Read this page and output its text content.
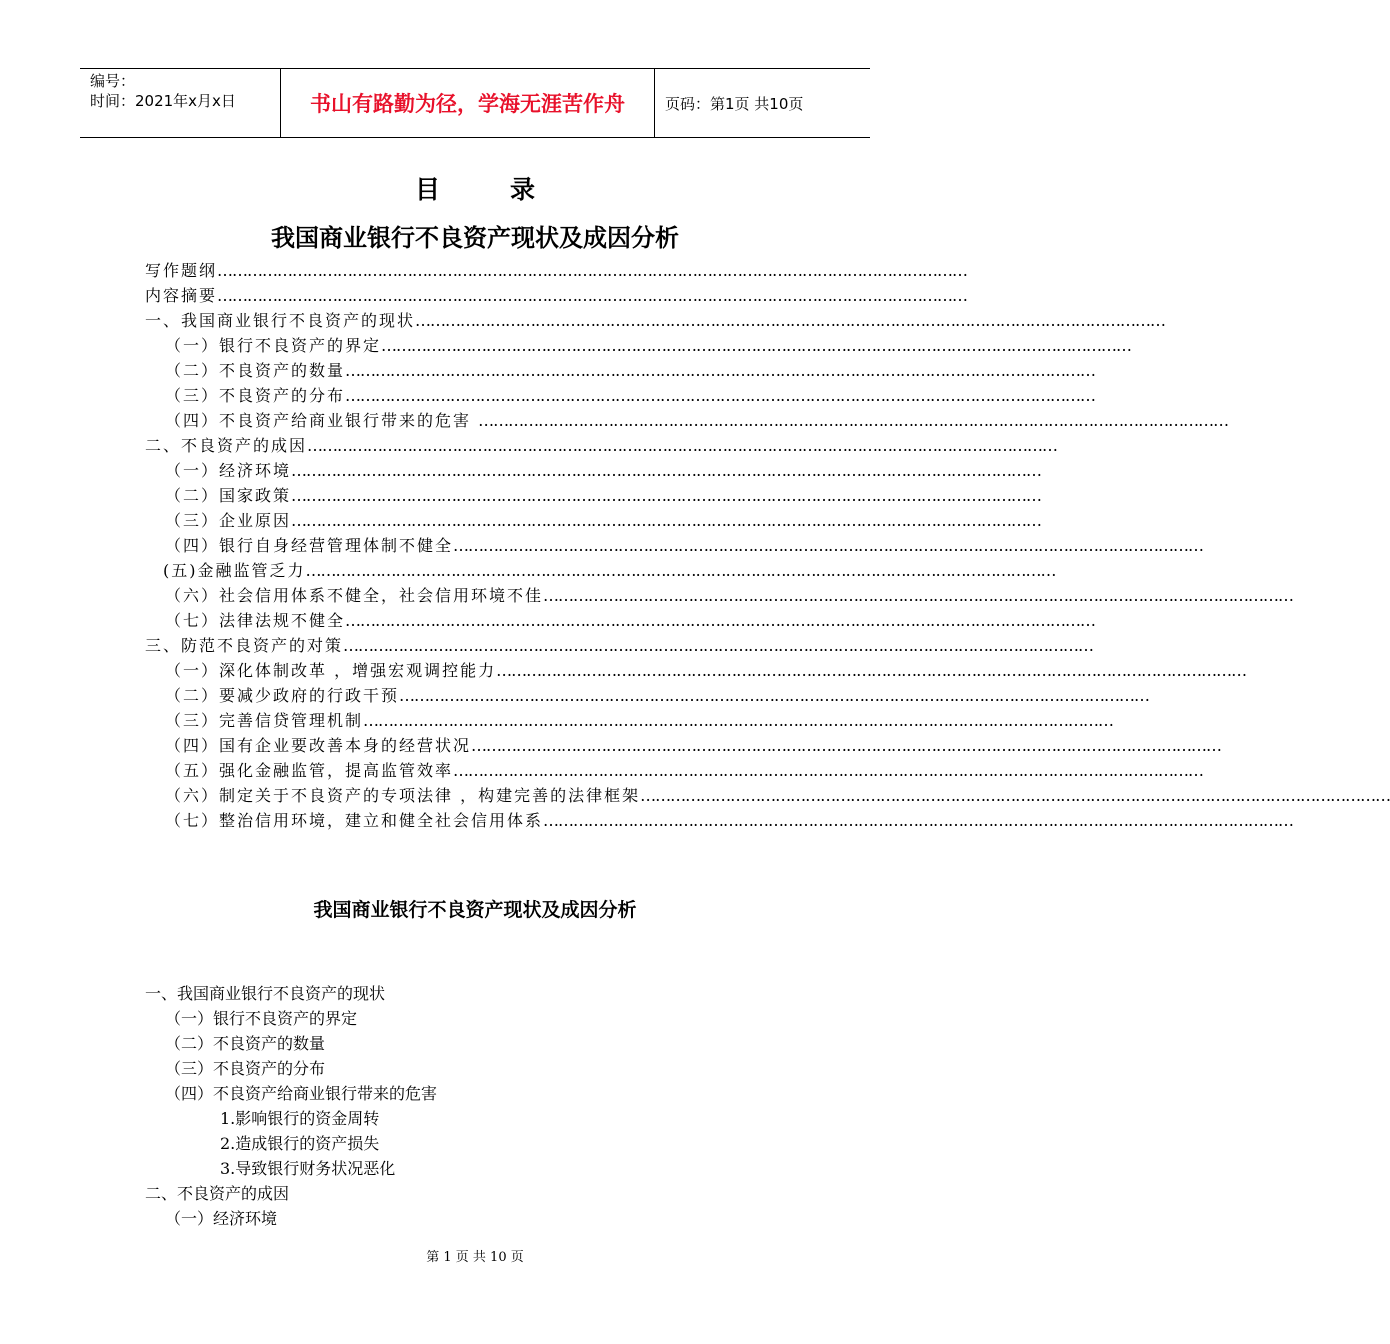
编号：
时间：2021年x月x日	书山有路勤为径，学海无涯苦作舟	页码：第1页 共10页
目	录
我国商业银行不良资产现状及成因分析
写作题纲……………………………………………………………………………………………………………………………………
内容摘要……………………………………………………………………………………………………………………………………
一、我国商业银行不良资产的现状……………………………………………………………………………………………………………………………………
（一）银行不良资产的界定……………………………………………………………………………………………………………………………………
（二）不良资产的数量……………………………………………………………………………………………………………………………………
（三）不良资产的分布……………………………………………………………………………………………………………………………………
（四）不良资产给商业银行带来的危害 ……………………………………………………………………………………………………………………………………
二、不良资产的成因……………………………………………………………………………………………………………………………………
（一）经济环境……………………………………………………………………………………………………………………………………
（二）国家政策……………………………………………………………………………………………………………………………………
（三）企业原因……………………………………………………………………………………………………………………………………
（四）银行自身经营管理体制不健全……………………………………………………………………………………………………………………………………
(五)金融监管乏力……………………………………………………………………………………………………………………………………
（六）社会信用体系不健全，社会信用环境不佳……………………………………………………………………………………………………………………………………
（七）法律法规不健全……………………………………………………………………………………………………………………………………
三、防范不良资产的对策……………………………………………………………………………………………………………………………………
（一）深化体制改革 ，增强宏观调控能力……………………………………………………………………………………………………………………………………
（二）要减少政府的行政干预……………………………………………………………………………………………………………………………………
（三）完善信贷管理机制……………………………………………………………………………………………………………………………………
（四）国有企业要改善本身的经营状况……………………………………………………………………………………………………………………………………
（五）强化金融监管，提高监管效率……………………………………………………………………………………………………………………………………
（六）制定关于不良资产的专项法律 ，构建完善的法律框架……………………………………………………………………………………………………………………………………
（七）整治信用环境，建立和健全社会信用体系……………………………………………………………………………………………………………………………………
我国商业银行不良资产现状及成因分析
一、我国商业银行不良资产的现状
（一）银行不良资产的界定
（二）不良资产的数量
（三）不良资产的分布
（四）不良资产给商业银行带来的危害
1.影响银行的资金周转
2.造成银行的资产损失
3.导致银行财务状况恶化
二、不良资产的成因
（一）经济环境
第 1 页 共 10 页
